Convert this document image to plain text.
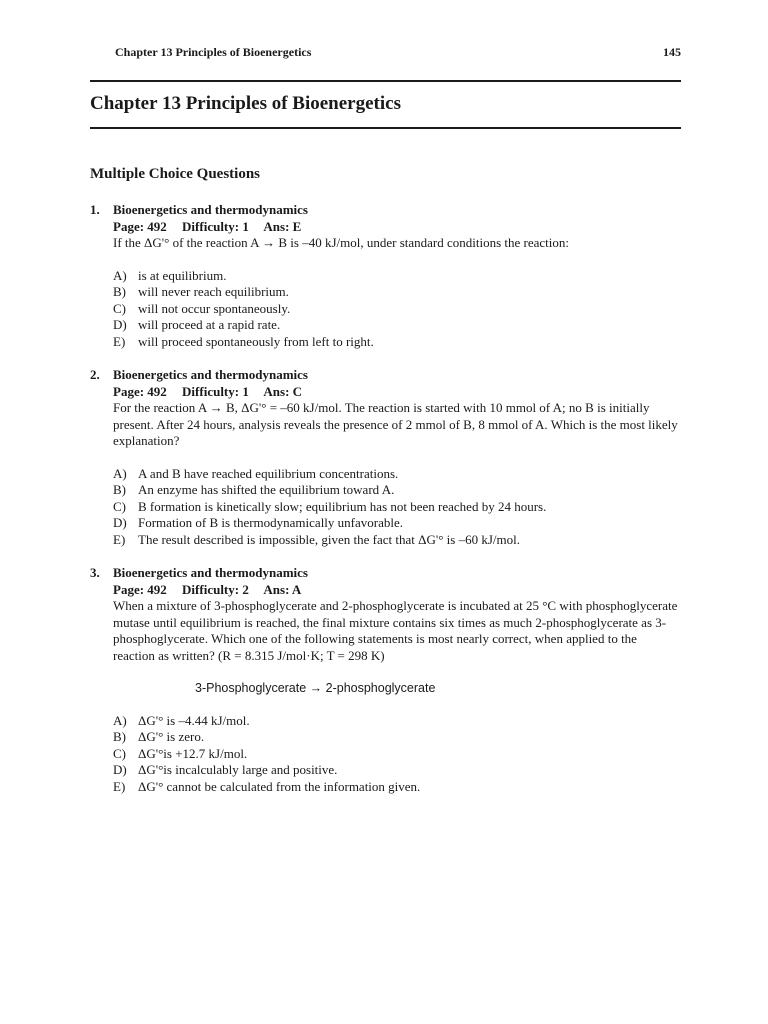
Chapter 13 Principles of Bioenergetics	145
Chapter 13 Principles of Bioenergetics
Multiple Choice Questions
1. Bioenergetics and thermodynamics
Page: 492 Difficulty: 1 Ans: E

If the ΔG'° of the reaction A → B is –40 kJ/mol, under standard conditions the reaction:

A) is at equilibrium.
B) will never reach equilibrium.
C) will not occur spontaneously.
D) will proceed at a rapid rate.
E) will proceed spontaneously from left to right.
2. Bioenergetics and thermodynamics
Page: 492 Difficulty: 1 Ans: C

For the reaction A → B, ΔG'° = –60 kJ/mol. The reaction is started with 10 mmol of A; no B is initially present. After 24 hours, analysis reveals the presence of 2 mmol of B, 8 mmol of A. Which is the most likely explanation?

A) A and B have reached equilibrium concentrations.
B) An enzyme has shifted the equilibrium toward A.
C) B formation is kinetically slow; equilibrium has not been reached by 24 hours.
D) Formation of B is thermodynamically unfavorable.
E) The result described is impossible, given the fact that ΔG'° is –60 kJ/mol.
3. Bioenergetics and thermodynamics
Page: 492 Difficulty: 2 Ans: A

When a mixture of 3-phosphoglycerate and 2-phosphoglycerate is incubated at 25 °C with phosphoglycerate mutase until equilibrium is reached, the final mixture contains six times as much 2-phosphoglycerate as 3-phosphoglycerate. Which one of the following statements is most nearly correct, when applied to the reaction as written? (R = 8.315 J/mol·K; T = 298 K)

3-Phosphoglycerate → 2-phosphoglycerate
A) ΔG'° is –4.44 kJ/mol.
B) ΔG'° is zero.
C) ΔG'°is +12.7 kJ/mol.
D) ΔG'°is incalculably large and positive.
E) ΔG'° cannot be calculated from the information given.
